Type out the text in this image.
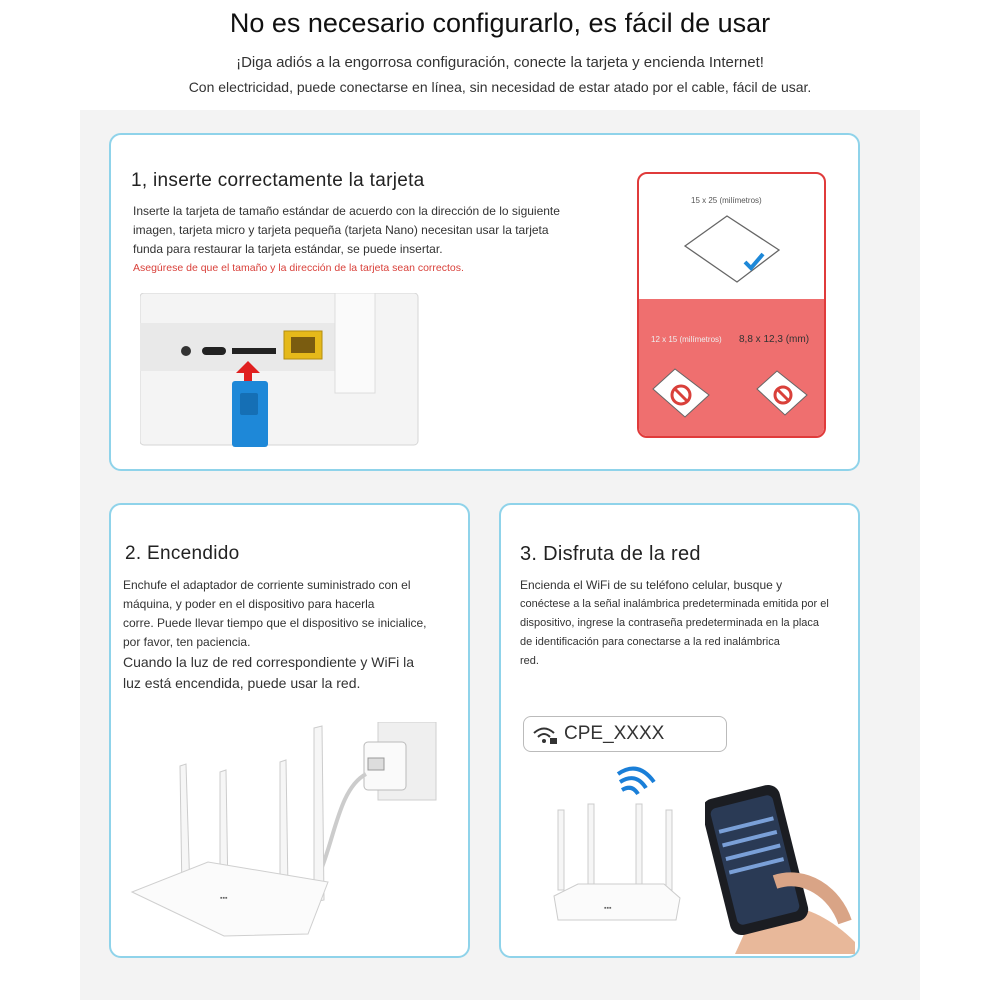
No es necesario configurarlo, es fácil de usar
¡Diga adiós a la engorrosa configuración, conecte la tarjeta y encienda Internet!
Con electricidad, puede conectarse en línea, sin necesidad de estar atado por el cable, fácil de usar.
1, inserte correctamente la tarjeta
Inserte la tarjeta de tamaño estándar de acuerdo con la dirección de lo siguiente
imagen, tarjeta micro y tarjeta pequeña (tarjeta Nano) necesitan usar la tarjeta
funda para restaurar la tarjeta estándar, se puede insertar.
Asegúrese de que el tamaño y la dirección de la tarjeta sean correctos.
15 x 25 (milímetros)
12 x 15 (milímetros) 8,8 x 12,3 (mm)
2. Encendido
Enchufe el adaptador de corriente suministrado con el
máquina, y poder en el dispositivo para hacerla
corre. Puede llevar tiempo que el dispositivo se inicialice,
por favor, ten paciencia.
Cuando la luz de red correspondiente y WiFi la
luz está encendida, puede usar la red.
▪▪▪
3. Disfruta de la red
Encienda el WiFi de su teléfono celular, busque y
conéctese a la señal inalámbrica predeterminada emitida por el
dispositivo, ingrese la contraseña predeterminada en la placa
de identificación para conectarse a la red inalámbrica
red.
CPE_XXXX
▪▪▪
